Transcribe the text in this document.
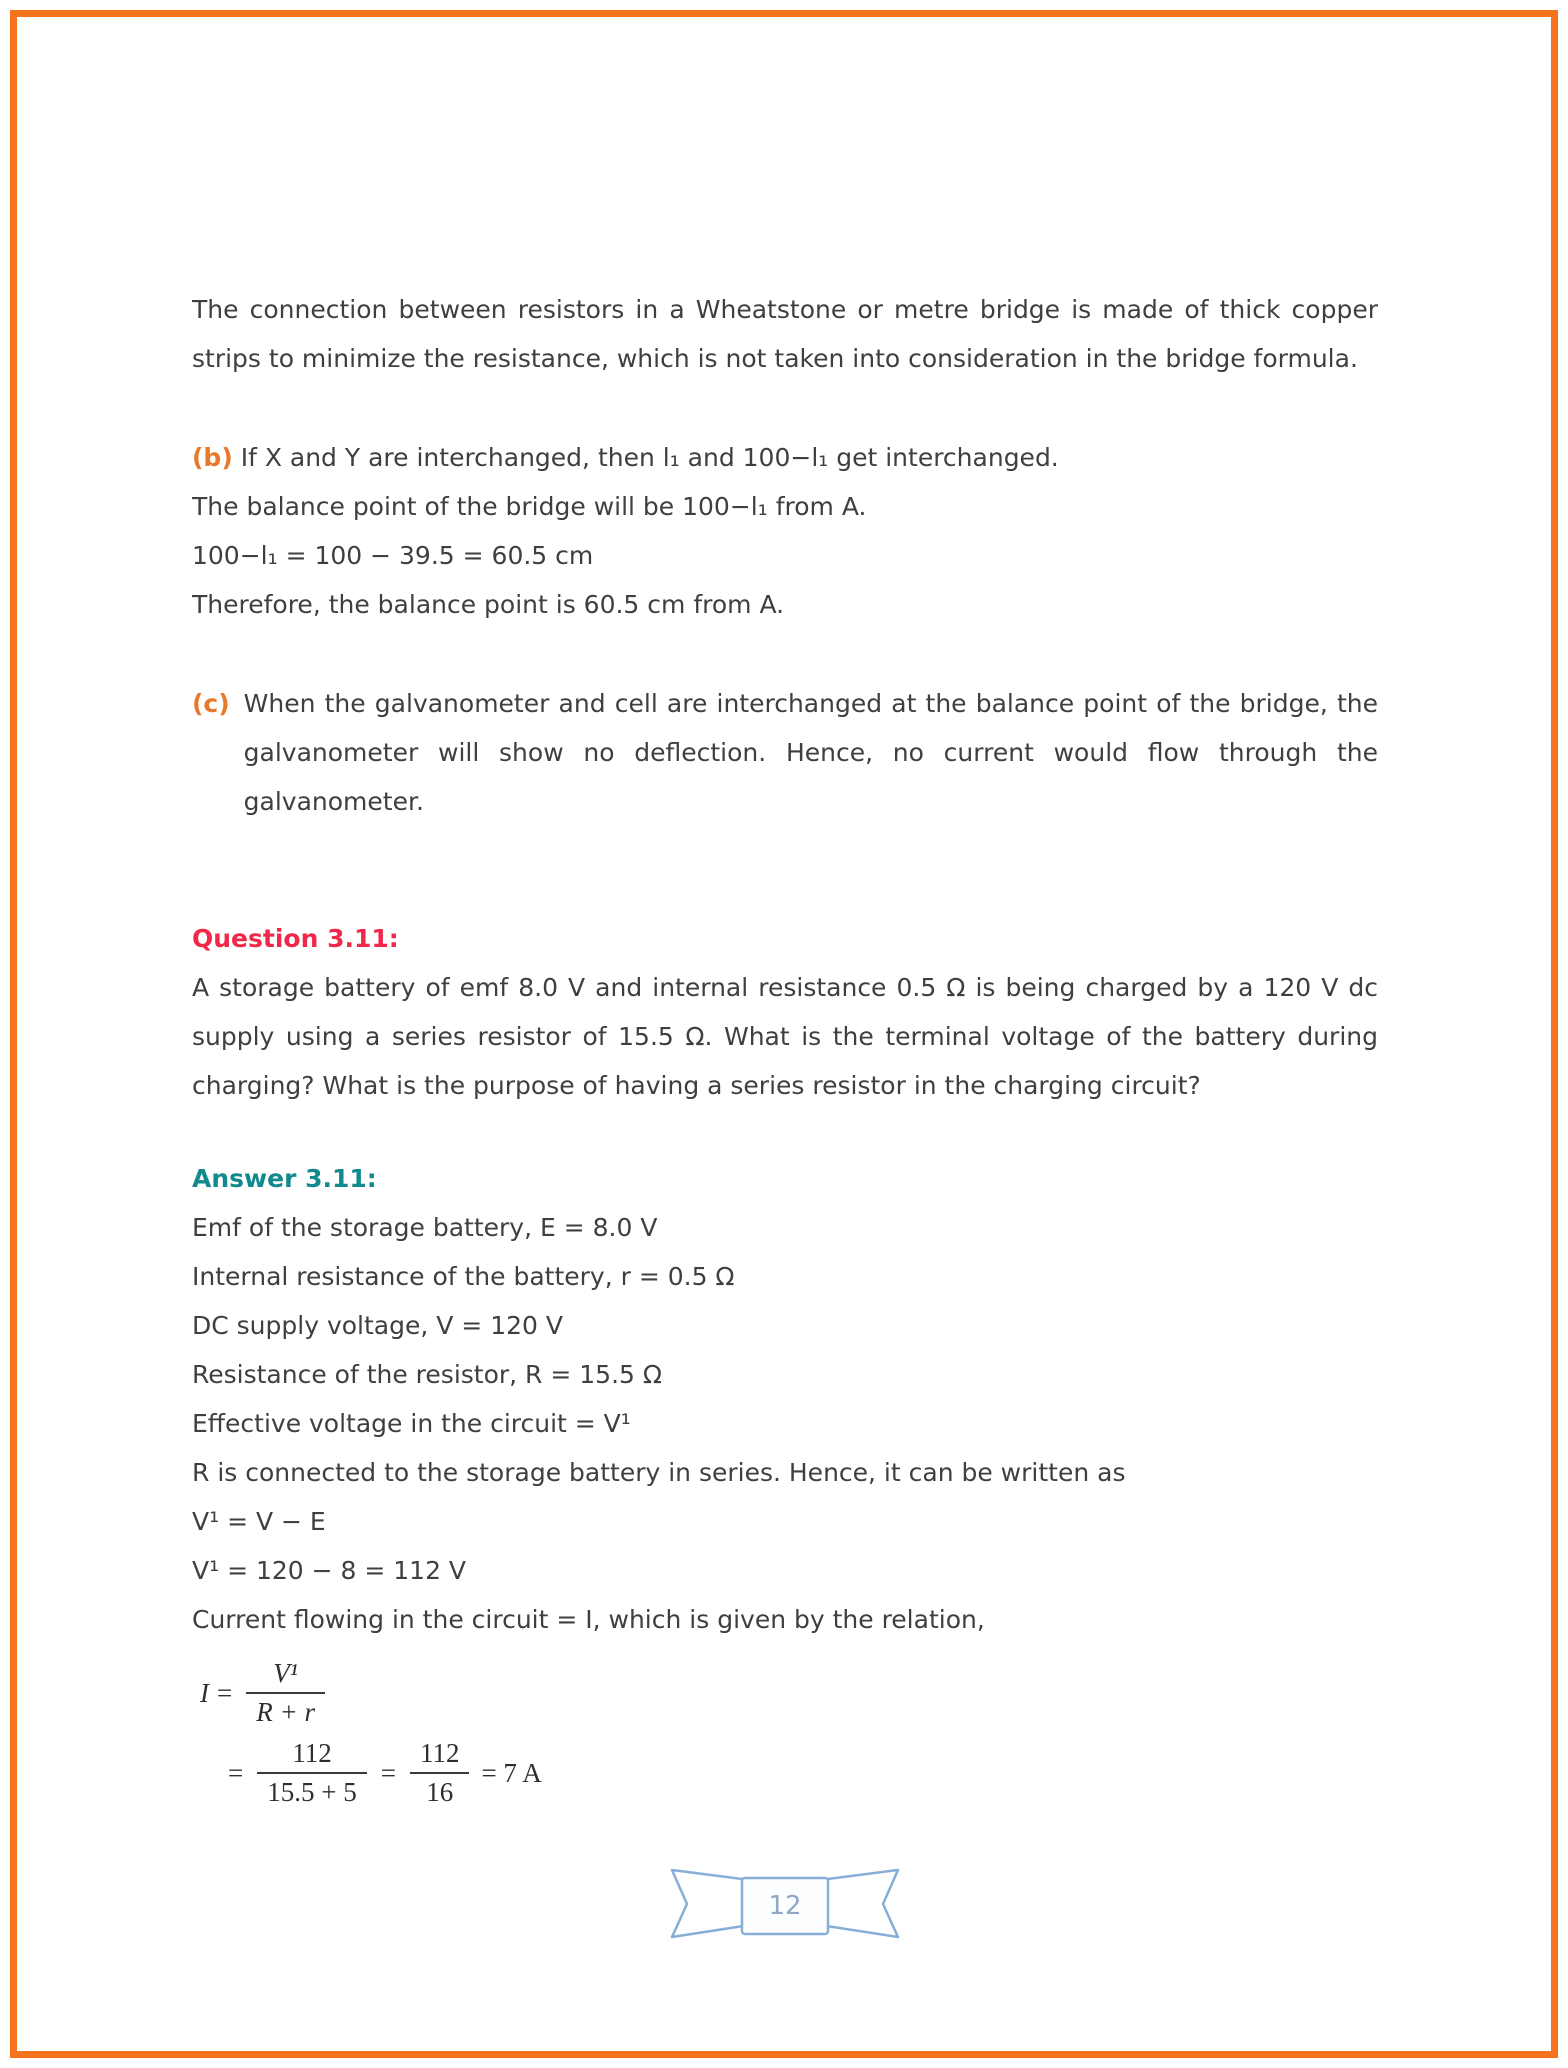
The connection between resistors in a Wheatstone or metre bridge is made of thick copper strips to minimize the resistance, which is not taken into consideration in the bridge formula.

(b) If X and Y are interchanged, then l₁ and 100−l₁ get interchanged.

The balance point of the bridge will be 100−l₁ from A.

100−l₁ = 100 − 39.5 = 60.5 cm

Therefore, the balance point is 60.5 cm from A.

(c) When the galvanometer and cell are interchanged at the balance point of the bridge, the galvanometer will show no deflection. Hence, no current would flow through the galvanometer.

Question 3.11:

A storage battery of emf 8.0 V and internal resistance 0.5 Ω is being charged by a 120 V dc supply using a series resistor of 15.5 Ω. What is the terminal voltage of the battery during charging? What is the purpose of having a series resistor in the charging circuit?

Answer 3.11:

Emf of the storage battery, E = 8.0 V

Internal resistance of the battery, r = 0.5 Ω

DC supply voltage, V = 120 V

Resistance of the resistor, R = 15.5 Ω

Effective voltage in the circuit = V¹

R is connected to the storage battery in series. Hence, it can be written as

V¹ = V − E

V¹ = 120 − 8 = 112 V

Current flowing in the circuit = I, which is given by the relation,

$I = \frac{\text{V¹}}{R + r}$
= $\frac{112}{15.5 + 5} = \frac{112}{16} = 7$ A
12
